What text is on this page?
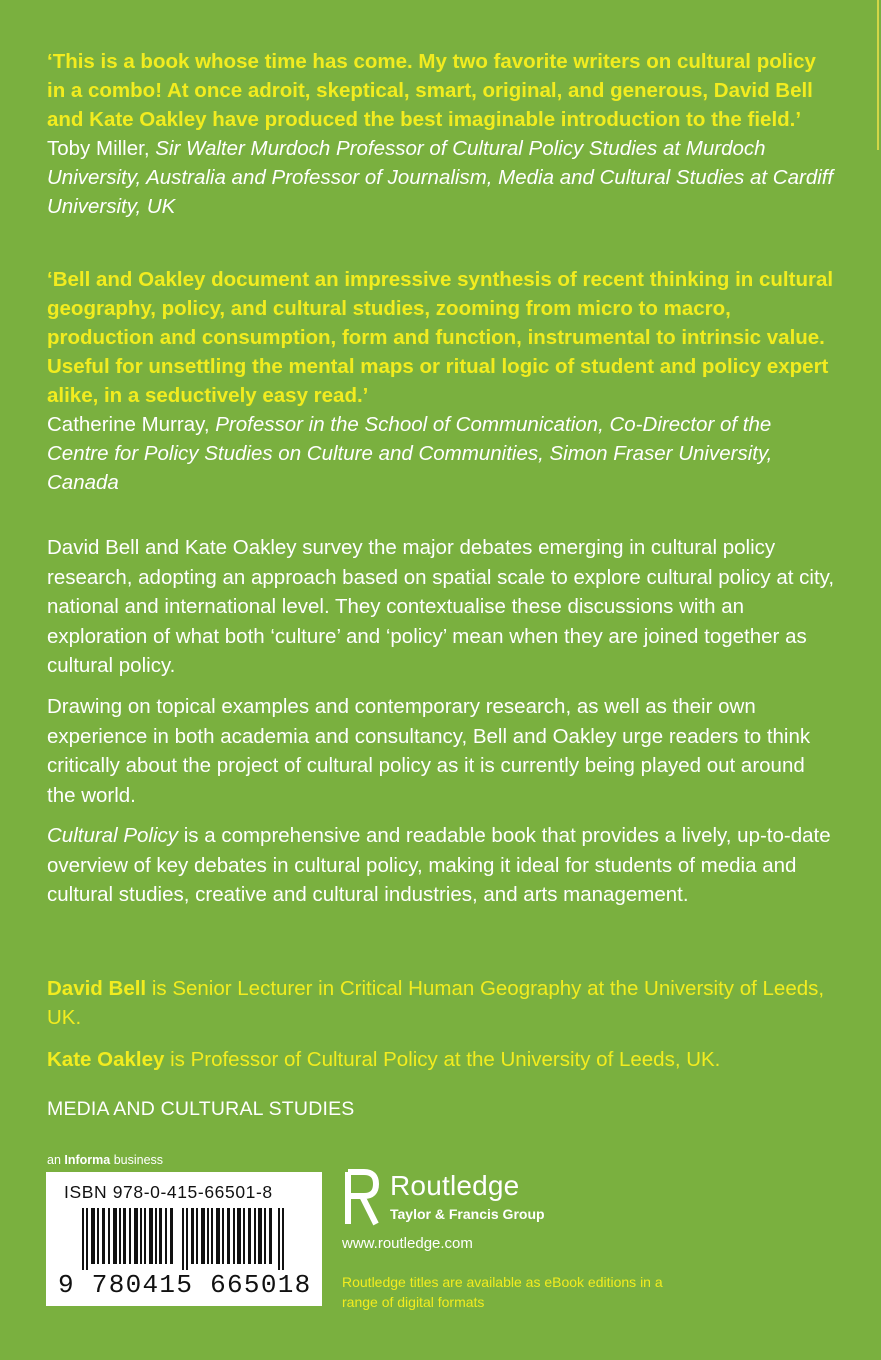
‘This is a book whose time has come. My two favorite writers on cultural policy in a combo! At once adroit, skeptical, smart, original, and generous, David Bell and Kate Oakley have produced the best imaginable introduction to the field.’

Toby Miller, Sir Walter Murdoch Professor of Cultural Policy Studies at Murdoch University, Australia and Professor of Journalism, Media and Cultural Studies at Cardiff University, UK

‘Bell and Oakley document an impressive synthesis of recent thinking in cultural geography, policy, and cultural studies, zooming from micro to macro, production and consumption, form and function, instrumental to intrinsic value. Useful for unsettling the mental maps or ritual logic of student and policy expert alike, in a seductively easy read.’

Catherine Murray, Professor in the School of Communication, Co-Director of the Centre for Policy Studies on Culture and Communities, Simon Fraser University, Canada

David Bell and Kate Oakley survey the major debates emerging in cultural policy research, adopting an approach based on spatial scale to explore cultural policy at city, national and international level. They contextualise these discussions with an exploration of what both ‘culture’ and ‘policy’ mean when they are joined together as cultural policy.

Drawing on topical examples and contemporary research, as well as their own experience in both academia and consultancy, Bell and Oakley urge readers to think critically about the project of cultural policy as it is currently being played out around the world.

Cultural Policy is a comprehensive and readable book that provides a lively, up-to-date overview of key debates in cultural policy, making it ideal for students of media and cultural studies, creative and cultural industries, and arts management.

David Bell is Senior Lecturer in Critical Human Geography at the University of Leeds, UK.

Kate Oakley is Professor of Cultural Policy at the University of Leeds, UK.

MEDIA AND CULTURAL STUDIES
an Informa business
ISBN 978-0-415-66501-8
9 780415 665018
Routledge
Taylor & Francis Group
www.routledge.com

Routledge titles are available as eBook editions in a range of digital formats
